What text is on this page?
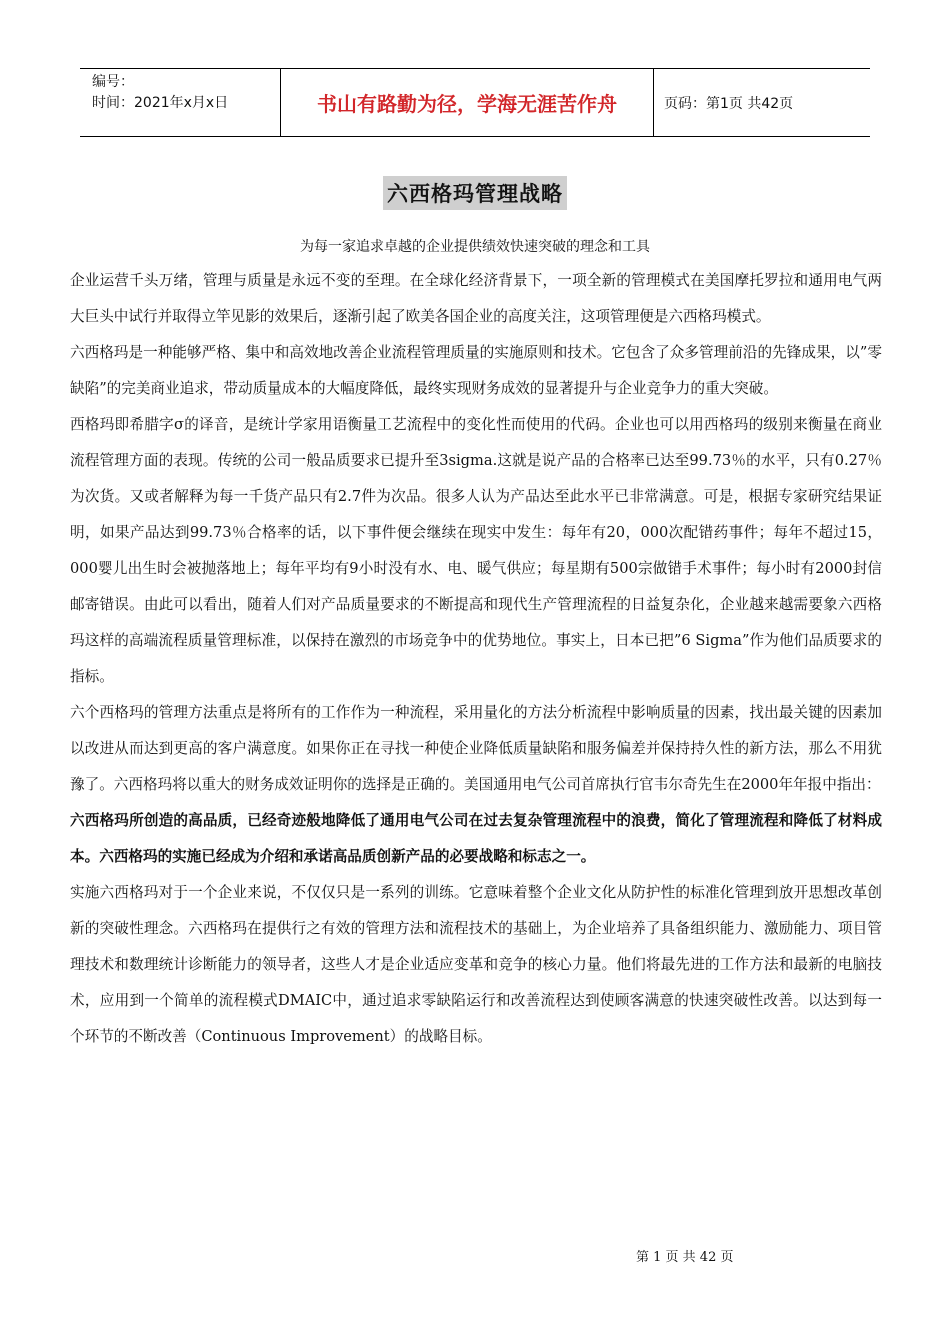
编号：
时间：2021年x月x日	书山有路勤为径，学海无涯苦作舟	页码：第1页 共42页
六西格玛管理战略
为每一家追求卓越的企业提供绩效快速突破的理念和工具

企业运营千头万绪，管理与质量是永远不变的至理。在全球化经济背景下，一项全新的管理模式在美国摩托罗拉和通用电气两大巨头中试行并取得立竿见影的效果后，逐渐引起了欧美各国企业的高度关注，这项管理便是六西格玛模式。

六西格玛是一种能够严格、集中和高效地改善企业流程管理质量的实施原则和技术。它包含了众多管理前沿的先锋成果，以”零缺陷”的完美商业追求，带动质量成本的大幅度降低，最终实现财务成效的显著提升与企业竞争力的重大突破。

西格玛即希腊字σ的译音，是统计学家用语衡量工艺流程中的变化性而使用的代码。企业也可以用西格玛的级别来衡量在商业流程管理方面的表现。传统的公司一般品质要求已提升至3sigma.这就是说产品的合格率已达至99.73％的水平，只有0.27％为次货。又或者解释为每一千货产品只有2.7件为次品。很多人认为产品达至此水平已非常满意。可是，根据专家研究结果证明，如果产品达到99.73％合格率的话，以下事件便会继续在现实中发生：每年有20，000次配错药事件；每年不超过15，000婴儿出生时会被抛落地上；每年平均有9小时没有水、电、暖气供应；每星期有500宗做错手术事件；每小时有2000封信邮寄错误。由此可以看出，随着人们对产品质量要求的不断提高和现代生产管理流程的日益复杂化，企业越来越需要象六西格玛这样的高端流程质量管理标准，以保持在激烈的市场竞争中的优势地位。事实上，日本已把”6 Sigma”作为他们品质要求的指标。

六个西格玛的管理方法重点是将所有的工作作为一种流程，采用量化的方法分析流程中影响质量的因素，找出最关键的因素加以改进从而达到更高的客户满意度。如果你正在寻找一种使企业降低质量缺陷和服务偏差并保持持久性的新方法，那么不用犹豫了。六西格玛将以重大的财务成效证明你的选择是正确的。美国通用电气公司首席执行官韦尔奇先生在2000年年报中指出：

六西格玛所创造的高品质，已经奇迹般地降低了通用电气公司在过去复杂管理流程中的浪费，简化了管理流程和降低了材料成本。六西格玛的实施已经成为介绍和承诺高品质创新产品的必要战略和标志之一。

实施六西格玛对于一个企业来说，不仅仅只是一系列的训练。它意味着整个企业文化从防护性的标准化管理到放开思想改革创新的突破性理念。六西格玛在提供行之有效的管理方法和流程技术的基础上，为企业培养了具备组织能力、激励能力、项目管理技术和数理统计诊断能力的领导者，这些人才是企业适应变革和竞争的核心力量。他们将最先进的工作方法和最新的电脑技术，应用到一个简单的流程模式DMAIC中，通过追求零缺陷运行和改善流程达到使顾客满意的快速突破性改善。以达到每一个环节的不断改善（Continuous Improvement）的战略目标。

第 1 页 共 42 页
